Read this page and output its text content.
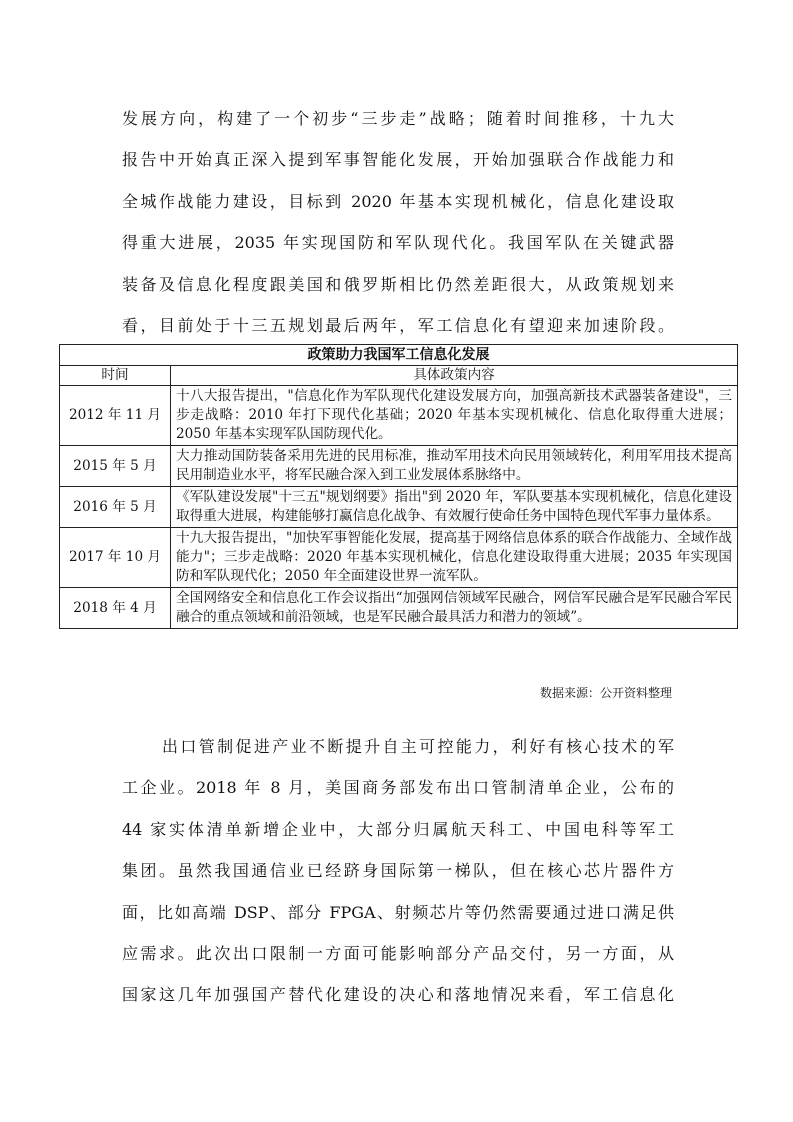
发展方向，构建了一个初步“三步走”战略；随着时间推移，十九大
报告中开始真正深入提到军事智能化发展，开始加强联合作战能力和
全城作战能力建设，目标到 2020 年基本实现机械化，信息化建设取
得重大进展，2035 年实现国防和军队现代化。我国军队在关键武器
装备及信息化程度跟美国和俄罗斯相比仍然差距很大，从政策规划来
看，目前处于十三五规划最后两年，军工信息化有望迎来加速阶段。
政策助力我国军工信息化发展	
时间	具体政策内容
2012 年 11 月	十八大报告提出，"信息化作为军队现代化建设发展方向，加强高新技术武器装备建设"，三步走战略：2010 年打下现代化基础；2020 年基本实现机械化、信息化取得重大进展；2050 年基本实现军队国防现代化。
2015 年 5 月	大力推动国防装备采用先进的民用标准，推动军用技术向民用领域转化，利用军用技术提高民用制造业水平，将军民融合深入到工业发展体系脉络中。
2016 年 5 月	《军队建设发展"十三五"规划纲要》指出"到 2020 年，军队要基本实现机械化，信息化建设取得重大进展，构建能够打赢信息化战争、有效履行使命任务中国特色现代军事力量体系。
2017 年 10 月	十九大报告提出，"加快军事智能化发展，提高基于网络信息体系的联合作战能力、全域作战能力"；三步走战略：2020 年基本实现机械化，信息化建设取得重大进展；2035 年实现国防和军队现代化；2050 年全面建设世界一流军队。
2018 年 4 月	全国网络安全和信息化工作会议指出“加强网信领域军民融合，网信军民融合是军民融合军民融合的重点领域和前沿领域，也是军民融合最具活力和潜力的领域”。
数据来源：公开资料整理
出口管制促进产业不断提升自主可控能力，利好有核心技术的军
工企业。2018 年 8 月，美国商务部发布出口管制清单企业，公布的
44 家实体清单新增企业中，大部分归属航天科工、中国电科等军工
集团。虽然我国通信业已经跻身国际第一梯队，但在核心芯片器件方
面，比如高端 DSP、部分 FPGA、射频芯片等仍然需要通过进口满足供
应需求。此次出口限制一方面可能影响部分产品交付，另一方面，从
国家这几年加强国产替代化建设的决心和落地情况来看，军工信息化
